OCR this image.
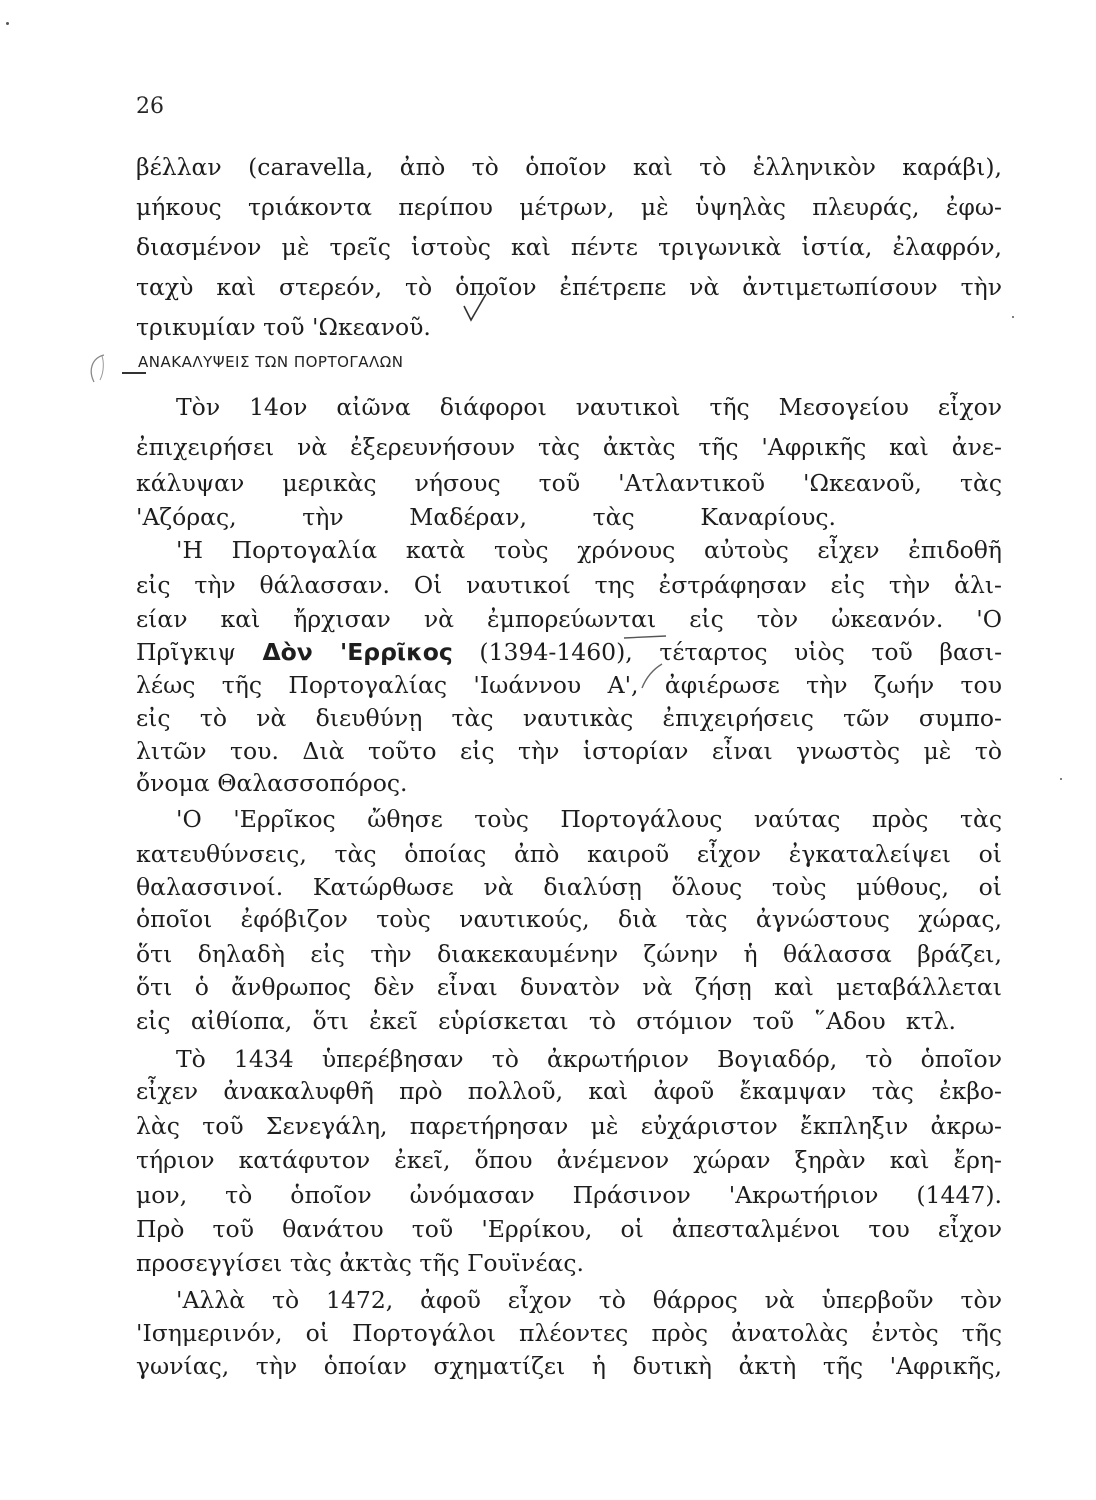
26
βέλλαν (caravella, ἀπὸ τὸ ὁποῖον καὶ τὸ ἑλληνικὸν καράβι),
μήκους τριάκοντα περίπου μέτρων, μὲ ὑψηλὰς πλευράς, ἐφω-
διασμένον μὲ τρεῖς ἱστοὺς καὶ πέντε τριγωνικὰ ἱστία, ἐλαφρόν,
ταχὺ καὶ στερεόν, τὸ ὁποῖον ἐπέτρεπε νὰ ἀντιμετωπίσουν τὴν
τρικυμίαν τοῦ 'Ωκεανοῦ.
ΑΝΑΚΑΛΥΨΕΙΣ ΤΩΝ ΠΟΡΤΟΓΑΛΩΝ
Τὸν 14ον αἰῶνα διάφοροι ναυτικοὶ τῆς Μεσογείου εἶχον
ἐπιχειρήσει νὰ ἐξερευνήσουν τὰς ἀκτὰς τῆς 'Αφρικῆς καὶ ἀνε-
κάλυψαν μερικὰς νήσους τοῦ 'Ατλαντικοῦ 'Ωκεανοῦ, τὰς
'Αζόρας, τὴν Μαδέραν, τὰς Καναρίους.
'Η Πορτογαλία κατὰ τοὺς χρόνους αὐτοὺς εἶχεν ἐπιδοθῆ
εἰς τὴν θάλασσαν. Οἱ ναυτικοί της ἐστράφησαν εἰς τὴν ἁλι-
είαν καὶ ἤρχισαν νὰ ἐμπορεύωνται εἰς τὸν ὠκεανόν. 'Ο
Πρῖγκιψ Δὸν 'Ερρῖκος (1394-1460), τέταρτος υἱὸς τοῦ βασι-
λέως τῆς Πορτογαλίας 'Ιωάννου Α', ἀφιέρωσε τὴν ζωήν του
εἰς τὸ νὰ διευθύνῃ τὰς ναυτικὰς ἐπιχειρήσεις τῶν συμπο-
λιτῶν του. Διὰ τοῦτο εἰς τὴν ἱστορίαν εἶναι γνωστὸς μὲ τὸ
ὄνομα Θαλασσοπόρος.
'Ο 'Ερρῖκος ὤθησε τοὺς Πορτογάλους ναύτας πρὸς τὰς
κατευθύνσεις, τὰς ὁποίας ἀπὸ καιροῦ εἶχον ἐγκαταλείψει οἱ
θαλασσινοί. Κατώρθωσε νὰ διαλύσῃ ὅλους τοὺς μύθους, οἱ
ὁποῖοι ἐφόβιζον τοὺς ναυτικούς, διὰ τὰς ἀγνώστους χώρας,
ὅτι δηλαδὴ εἰς τὴν διακεκαυμένην ζώνην ἡ θάλασσα βράζει,
ὅτι ὁ ἄνθρωπος δὲν εἶναι δυνατὸν νὰ ζήσῃ καὶ μεταβάλλεται
εἰς αἰθίοπα, ὅτι ἐκεῖ εὑρίσκεται τὸ στόμιον τοῦ ῞Αδου κτλ.
Τὸ 1434 ὑπερέβησαν τὸ ἀκρωτήριον Βογιαδόρ, τὸ ὁποῖον
εἶχεν ἀνακαλυφθῆ πρὸ πολλοῦ, καὶ ἀφοῦ ἔκαμψαν τὰς ἐκβο-
λὰς τοῦ Σενεγάλη, παρετήρησαν μὲ εὐχάριστον ἔκπληξιν ἀκρω-
τήριον κατάφυτον ἐκεῖ, ὅπου ἀνέμενον χώραν ξηρὰν καὶ ἔρη-
μον, τὸ ὁποῖον ὠνόμασαν Πράσινον 'Ακρωτήριον (1447).
Πρὸ τοῦ θανάτου τοῦ 'Ερρίκου, οἱ ἀπεσταλμένοι του εἶχον
προσεγγίσει τὰς ἀκτὰς τῆς Γουϊνέας.
'Αλλὰ τὸ 1472, ἀφοῦ εἶχον τὸ θάρρος νὰ ὑπερβοῦν τὸν
'Ισημερινόν, οἱ Πορτογάλοι πλέοντες πρὸς ἀνατολὰς ἐντὸς τῆς
γωνίας, τὴν ὁποίαν σχηματίζει ἡ δυτικὴ ἀκτὴ τῆς 'Αφρικῆς,
